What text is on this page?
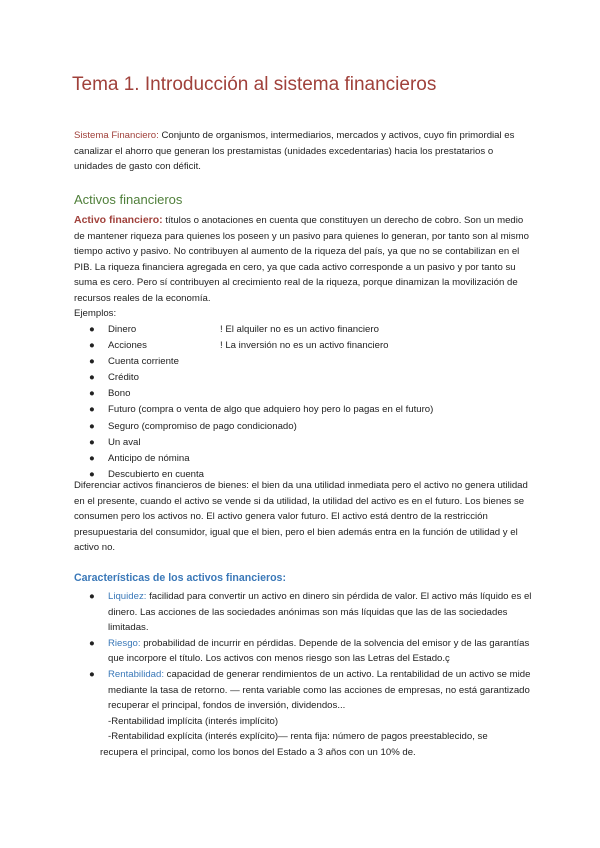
Tema 1. Introducción al sistema financieros

Sistema Financiero: Conjunto de organismos, intermediarios, mercados y activos, cuyo fin primordial es canalizar el ahorro que generan los prestamistas (unidades excedentarias) hacia los prestatarios o unidades de gasto con déficit.

Activos financieros

Activo financiero: títulos o anotaciones en cuenta que constituyen un derecho de cobro. Son un medio de mantener riqueza para quienes los poseen y un pasivo para quienes lo generan, por tanto son al mismo tiempo activo y pasivo. No contribuyen al aumento de la riqueza del país, ya que no se contabilizan en el PIB. La riqueza financiera agregada en cero, ya que cada activo corresponde a un pasivo y por tanto su suma es cero. Pero sí contribuyen al crecimiento real de la riqueza, porque dinamizan la movilización de recursos reales de la economía.

Ejemplos:
● Dinero	! El alquiler no es un activo financiero
● Acciones	! La inversión no es un activo financiero
● Cuenta corriente
● Crédito
● Bono
● Futuro (compra o venta de algo que adquiero hoy pero lo pagas en el futuro)
● Seguro (compromiso de pago condicionado)
● Un aval
● Anticipo de nómina
● Descubierto en cuenta

Diferenciar activos financieros de bienes: el bien da una utilidad inmediata pero el activo no genera utilidad en el presente, cuando el activo se vende si da utilidad, la utilidad del activo es en el futuro. Los bienes se consumen pero los activos no. El activo genera valor futuro. El activo está dentro de la restricción presupuestaria del consumidor, igual que el bien, pero el bien además entra en la función de utilidad y el activo no.

Características de los activos financieros:
● Liquidez: facilidad para convertir un activo en dinero sin pérdida de valor. El activo más líquido es el dinero. Las acciones de las sociedades anónimas son más líquidas que las de las sociedades limitadas.
● Riesgo: probabilidad de incurrir en pérdidas. Depende de la solvencia del emisor y de las garantías que incorpore el título. Los activos con menos riesgo son las Letras del Estado.ç
● Rentabilidad: capacidad de generar rendimientos de un activo. La rentabilidad de un activo se mide mediante la tasa de retorno. — renta variable como las acciones de empresas, no está garantizado recuperar el principal, fondos de inversión, dividendos...
-Rentabilidad implícita (interés implícito)
-Rentabilidad explícita (interés explícito)— renta fija: número de pagos preestablecido, se
recupera el principal, como los bonos del Estado a 3 años con un 10% de.
